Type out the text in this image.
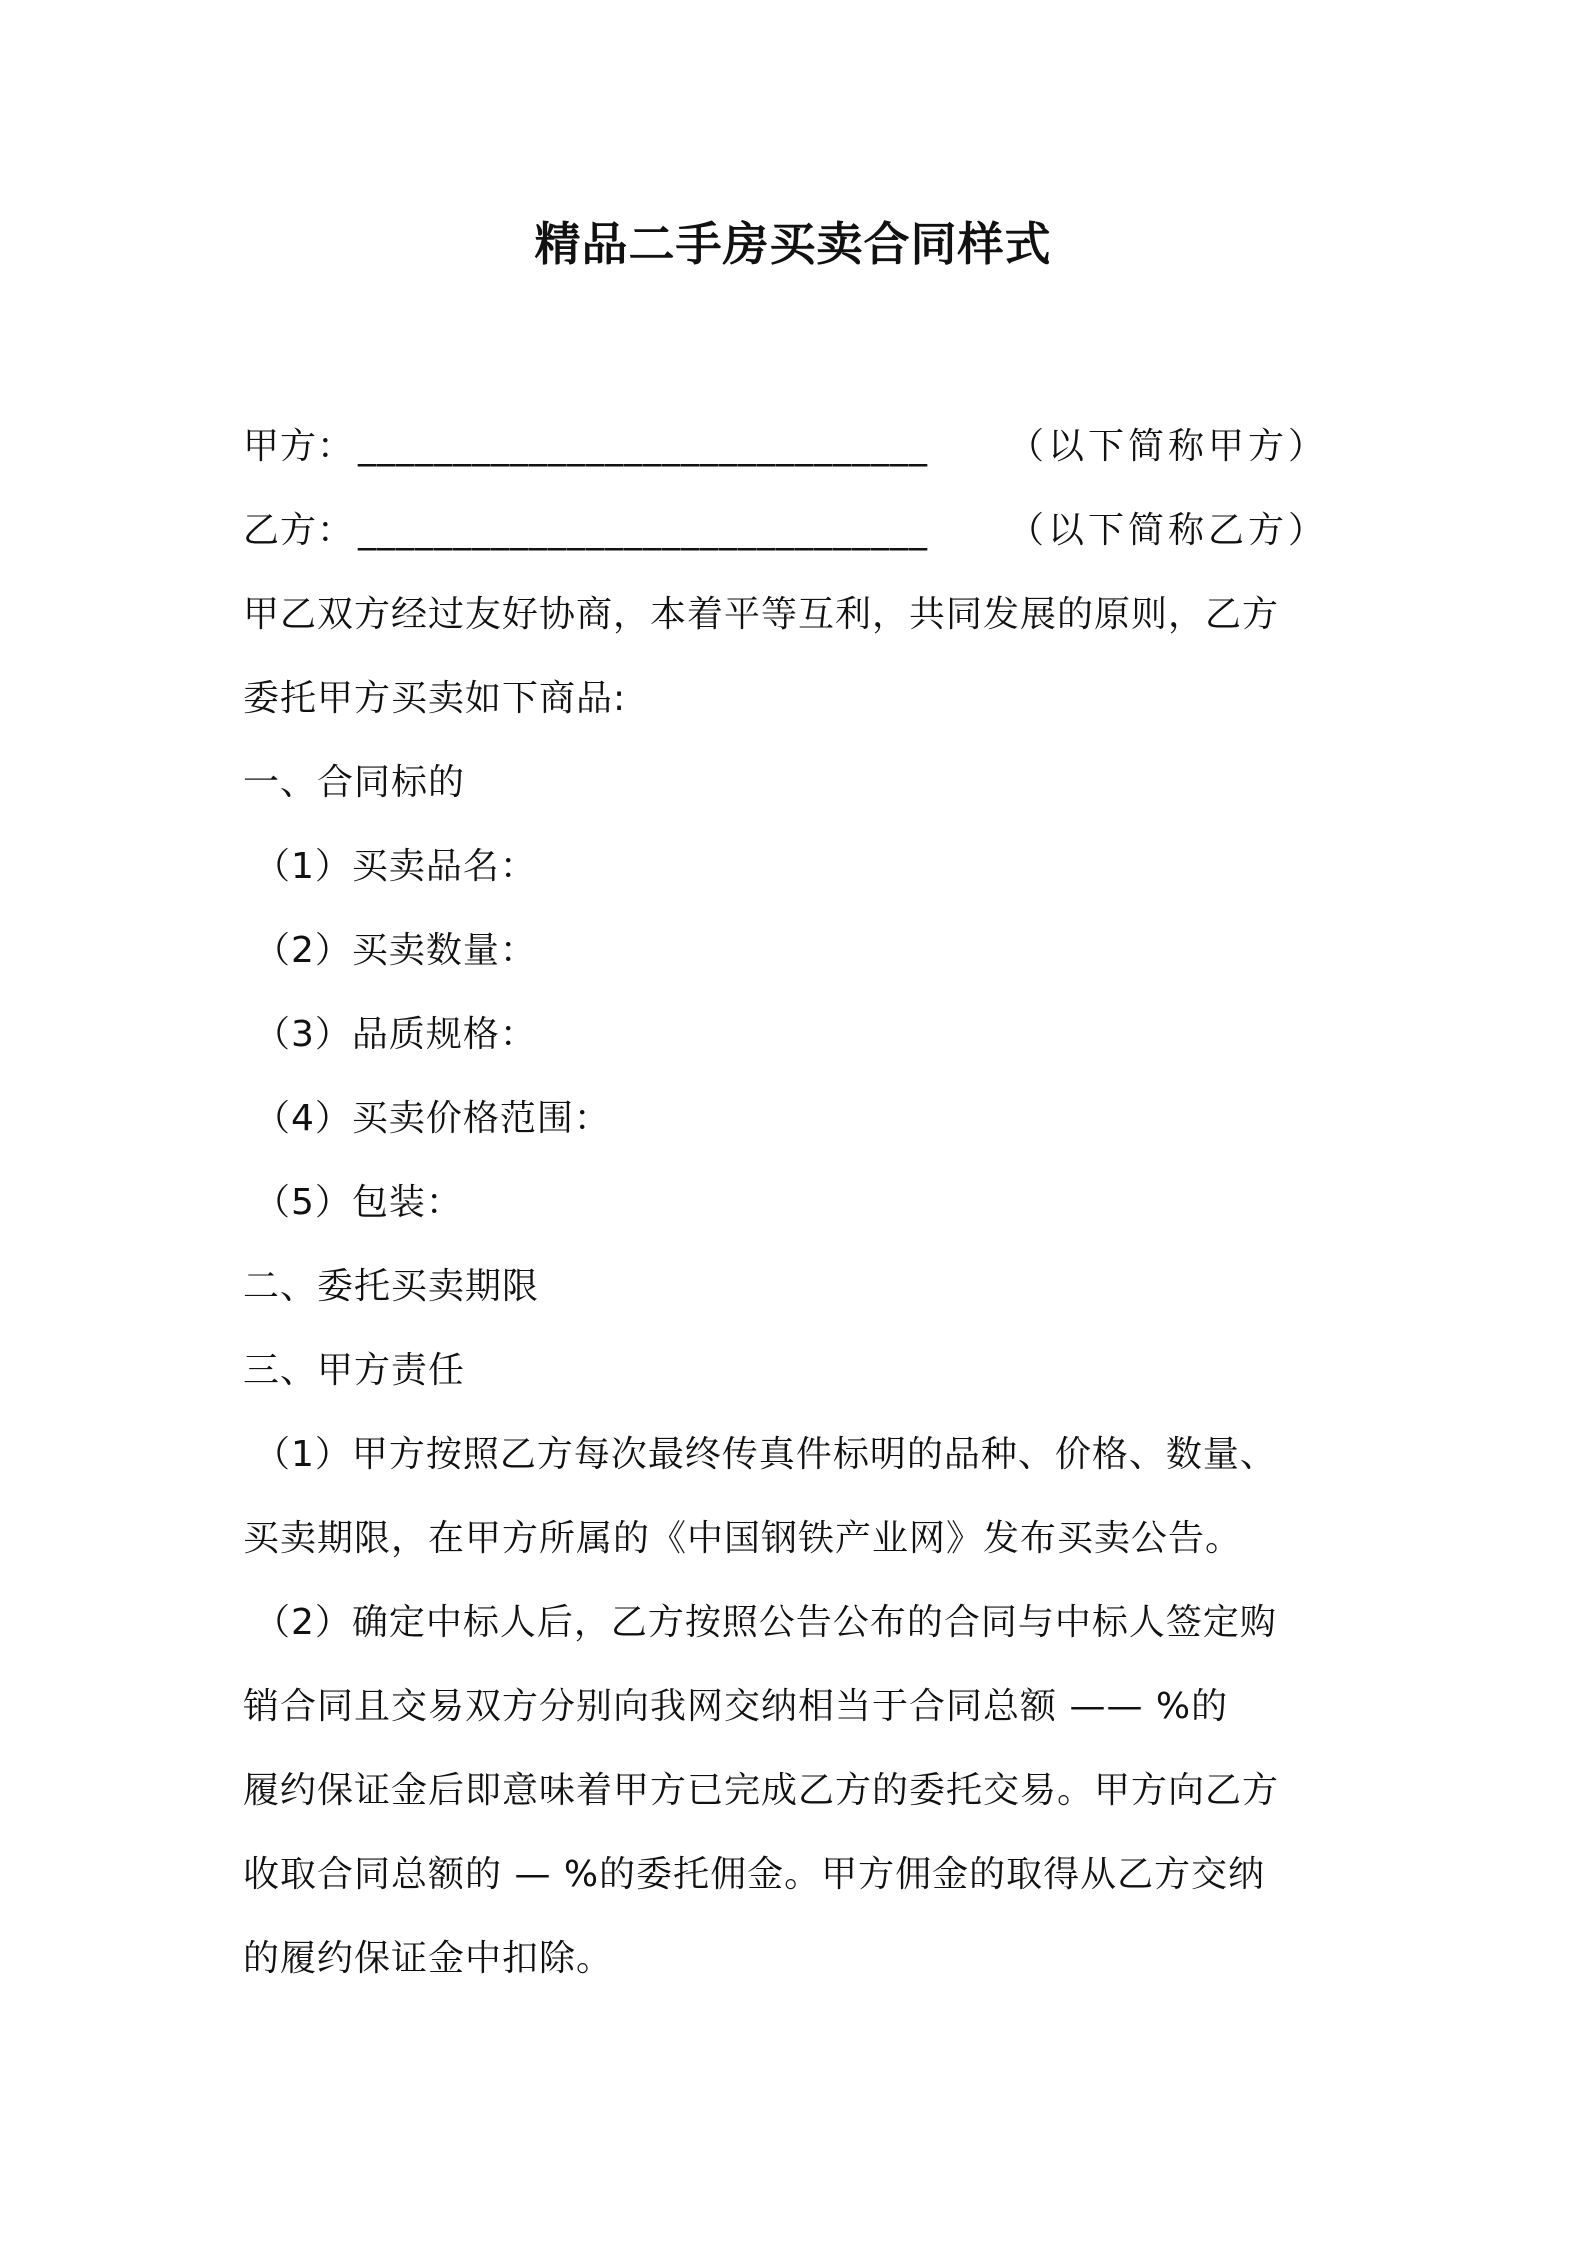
精品二手房买卖合同样式
甲方： ______________________________ （以下简称甲方）
乙方： ______________________________ （以下简称乙方）
甲乙双方经过友好协商，本着平等互利，共同发展的原则，乙方
委托甲方买卖如下商品:
一、合同标的
（1）买卖品名：
（2）买卖数量：
（3）品质规格：
（4）买卖价格范围：
（5）包装：
二、委托买卖期限
三、甲方责任
（1）甲方按照乙方每次最终传真件标明的品种、价格、数量、
买卖期限，在甲方所属的《中国钢铁产业网》发布买卖公告。
（2）确定中标人后，乙方按照公告公布的合同与中标人签定购
销合同且交易双方分别向我网交纳相当于合同总额 —— %的
履约保证金后即意味着甲方已完成乙方的委托交易。甲方向乙方
收取合同总额的 — %的委托佣金。甲方佣金的取得从乙方交纳
的履约保证金中扣除。
